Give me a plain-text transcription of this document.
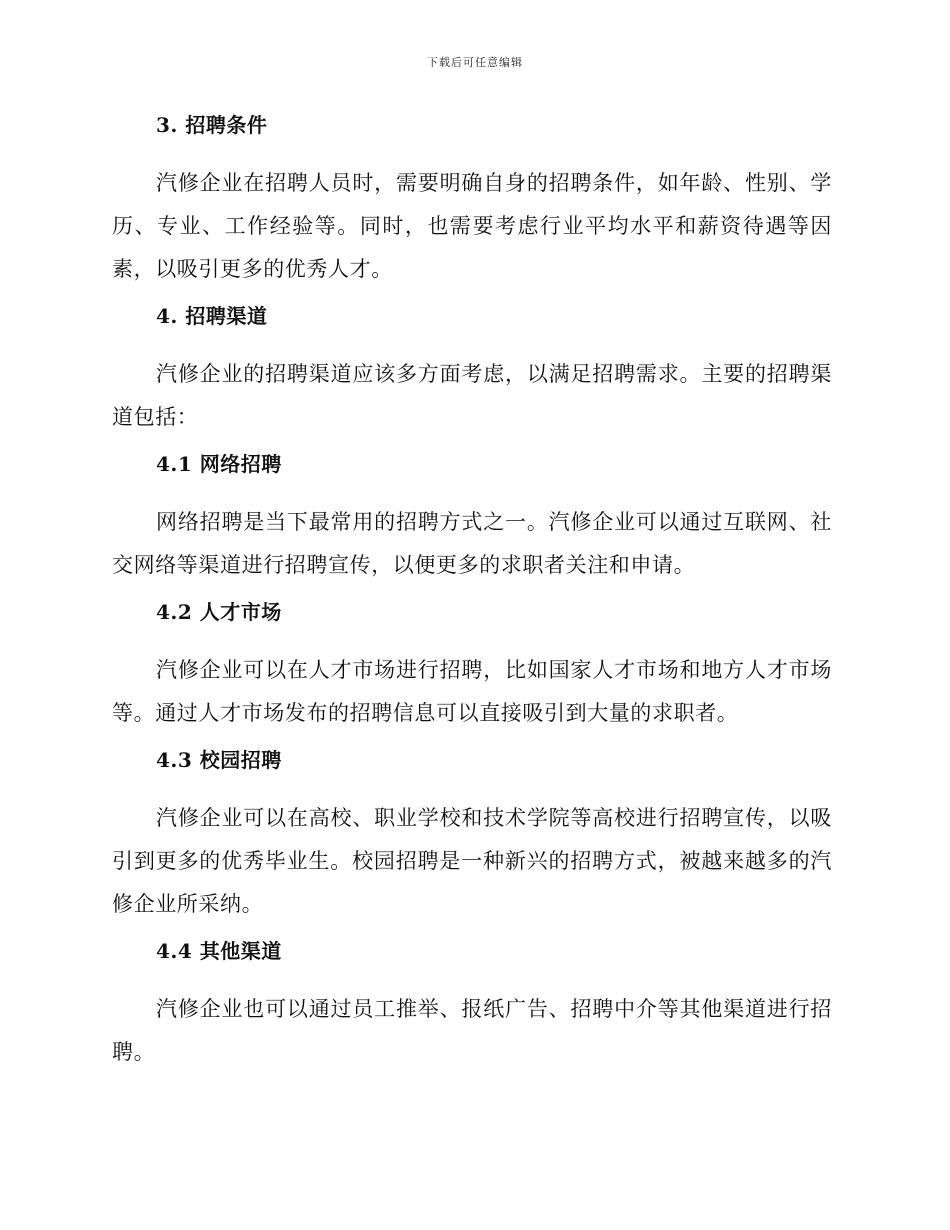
下载后可任意编辑
3. 招聘条件

汽修企业在招聘人员时，需要明确自身的招聘条件，如年龄、性别、学历、专业、工作经验等。同时，也需要考虑行业平均水平和薪资待遇等因素，以吸引更多的优秀人才。

4. 招聘渠道

汽修企业的招聘渠道应该多方面考虑，以满足招聘需求。主要的招聘渠道包括：

4.1 网络招聘

网络招聘是当下最常用的招聘方式之一。汽修企业可以通过互联网、社交网络等渠道进行招聘宣传，以便更多的求职者关注和申请。

4.2 人才市场

汽修企业可以在人才市场进行招聘，比如国家人才市场和地方人才市场等。通过人才市场发布的招聘信息可以直接吸引到大量的求职者。

4.3 校园招聘

汽修企业可以在高校、职业学校和技术学院等高校进行招聘宣传，以吸引到更多的优秀毕业生。校园招聘是一种新兴的招聘方式，被越来越多的汽修企业所采纳。

4.4 其他渠道

汽修企业也可以通过员工推举、报纸广告、招聘中介等其他渠道进行招聘。
